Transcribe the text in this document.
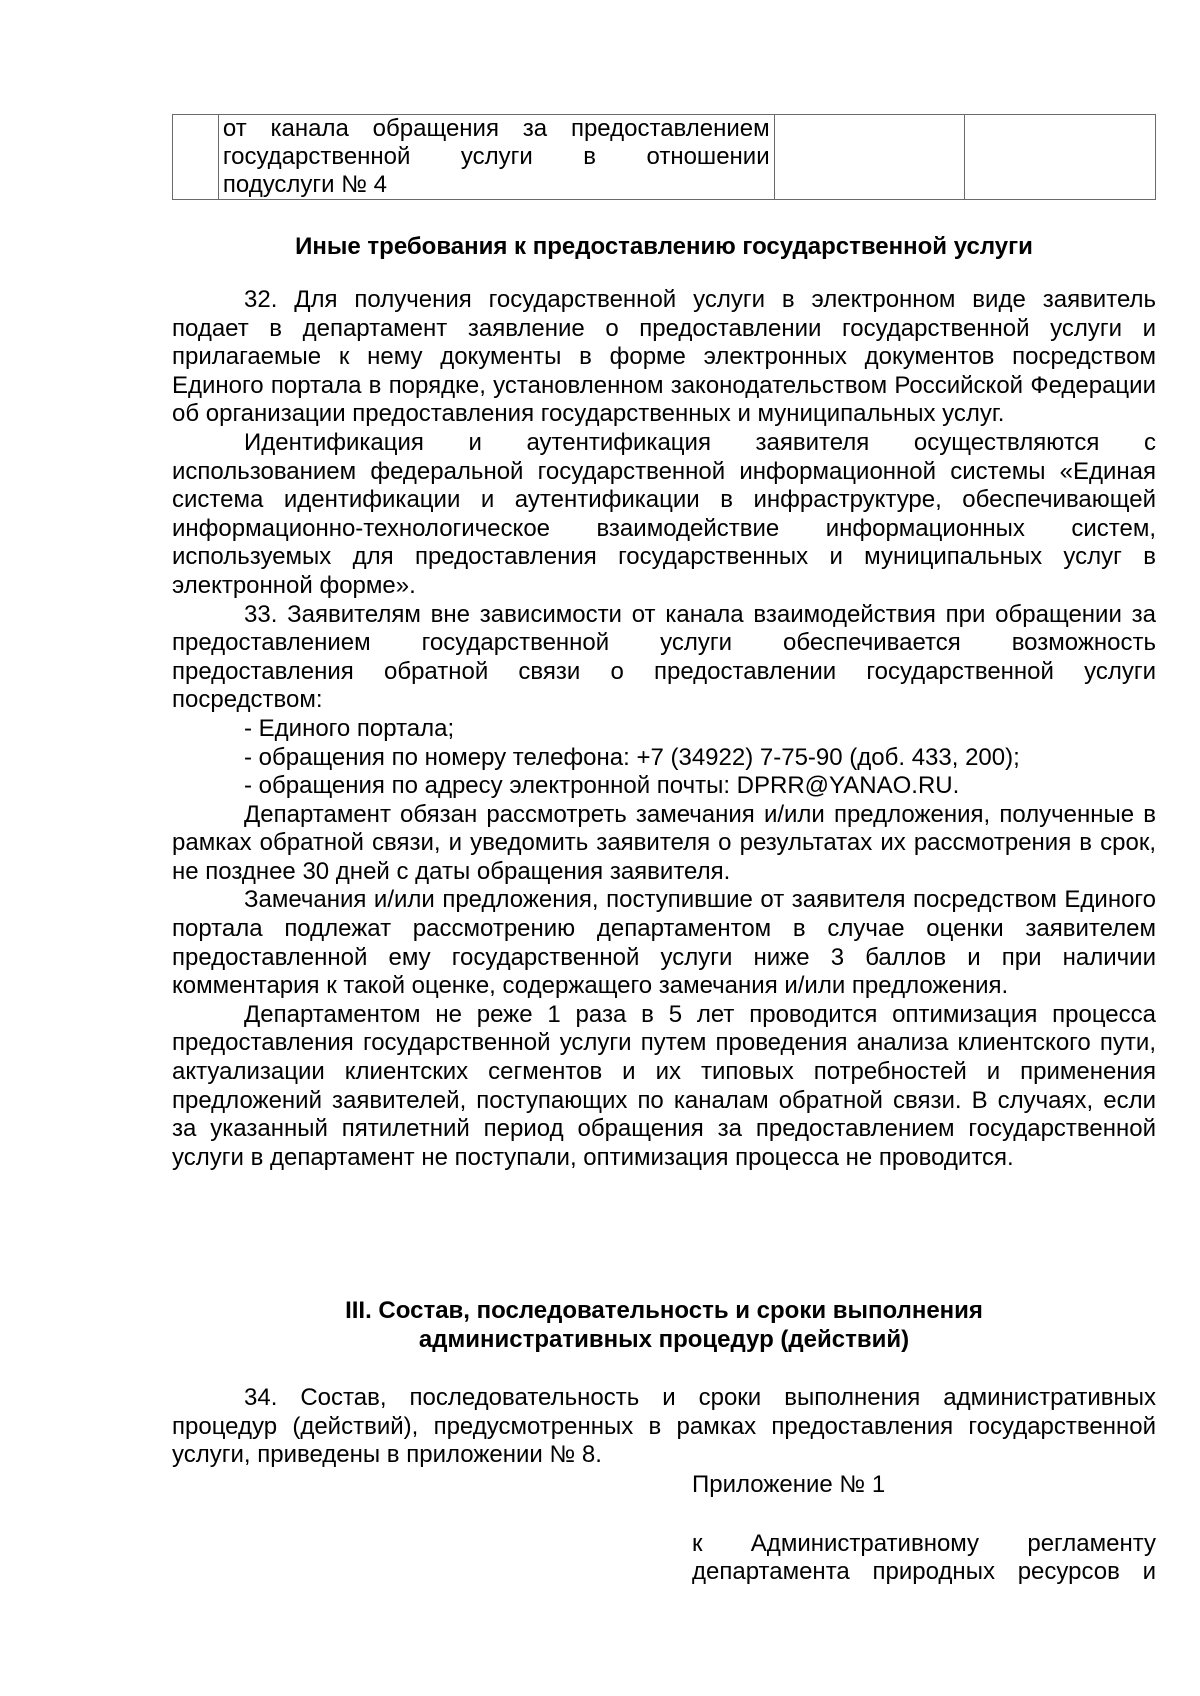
от канала обращения за предоставлением
государственной услуги в отношении
подуслуги № 4		
Иные требования к предоставлению государственной услуги

32. Для получения государственной услуги в электронном виде заявитель подает в департамент заявление о предоставлении государственной услуги и прилагаемые к нему документы в форме электронных документов посредством Единого портала в порядке, установленном законодательством Российской Федерации об организации предоставления государственных и муниципальных услуг.

Идентификация и аутентификация заявителя осуществляются с использованием федеральной государственной информационной системы «Единая система идентификации и аутентификации в инфраструктуре, обеспечивающей информационно-технологическое взаимодействие информационных систем, используемых для предоставления государственных и муниципальных услуг в электронной форме».

33. Заявителям вне зависимости от канала взаимодействия при обращении за предоставлением государственной услуги обеспечивается возможность предоставления обратной связи о предоставлении государственной услуги посредством:

- Единого портала;

- обращения по номеру телефона: +7 (34922) 7-75-90 (доб. 433, 200);

- обращения по адресу электронной почты: DPRR@YANAO.RU.

Департамент обязан рассмотреть замечания и/или предложения, полученные в рамках обратной связи, и уведомить заявителя о результатах их рассмотрения в срок, не позднее 30 дней с даты обращения заявителя.

Замечания и/или предложения, поступившие от заявителя посредством Единого портала подлежат рассмотрению департаментом в случае оценки заявителем предоставленной ему государственной услуги ниже 3 баллов и при наличии комментария к такой оценке, содержащего замечания и/или предложения.

Департаментом не реже 1 раза в 5 лет проводится оптимизация процесса предоставления государственной услуги путем проведения анализа клиентского пути, актуализации клиентских сегментов и их типовых потребностей и применения предложений заявителей, поступающих по каналам обратной связи. В случаях, если за указанный пятилетний период обращения за предоставлением государственной услуги в департамент не поступали, оптимизация процесса не проводится.

III. Состав, последовательность и сроки выполнения
административных процедур (действий)

34. Состав, последовательность и сроки выполнения административных процедур (действий), предусмотренных в рамках предоставления государственной услуги, приведены в приложении № 8.

Приложение № 1

к Административному регламенту

департамента природных ресурсов и
